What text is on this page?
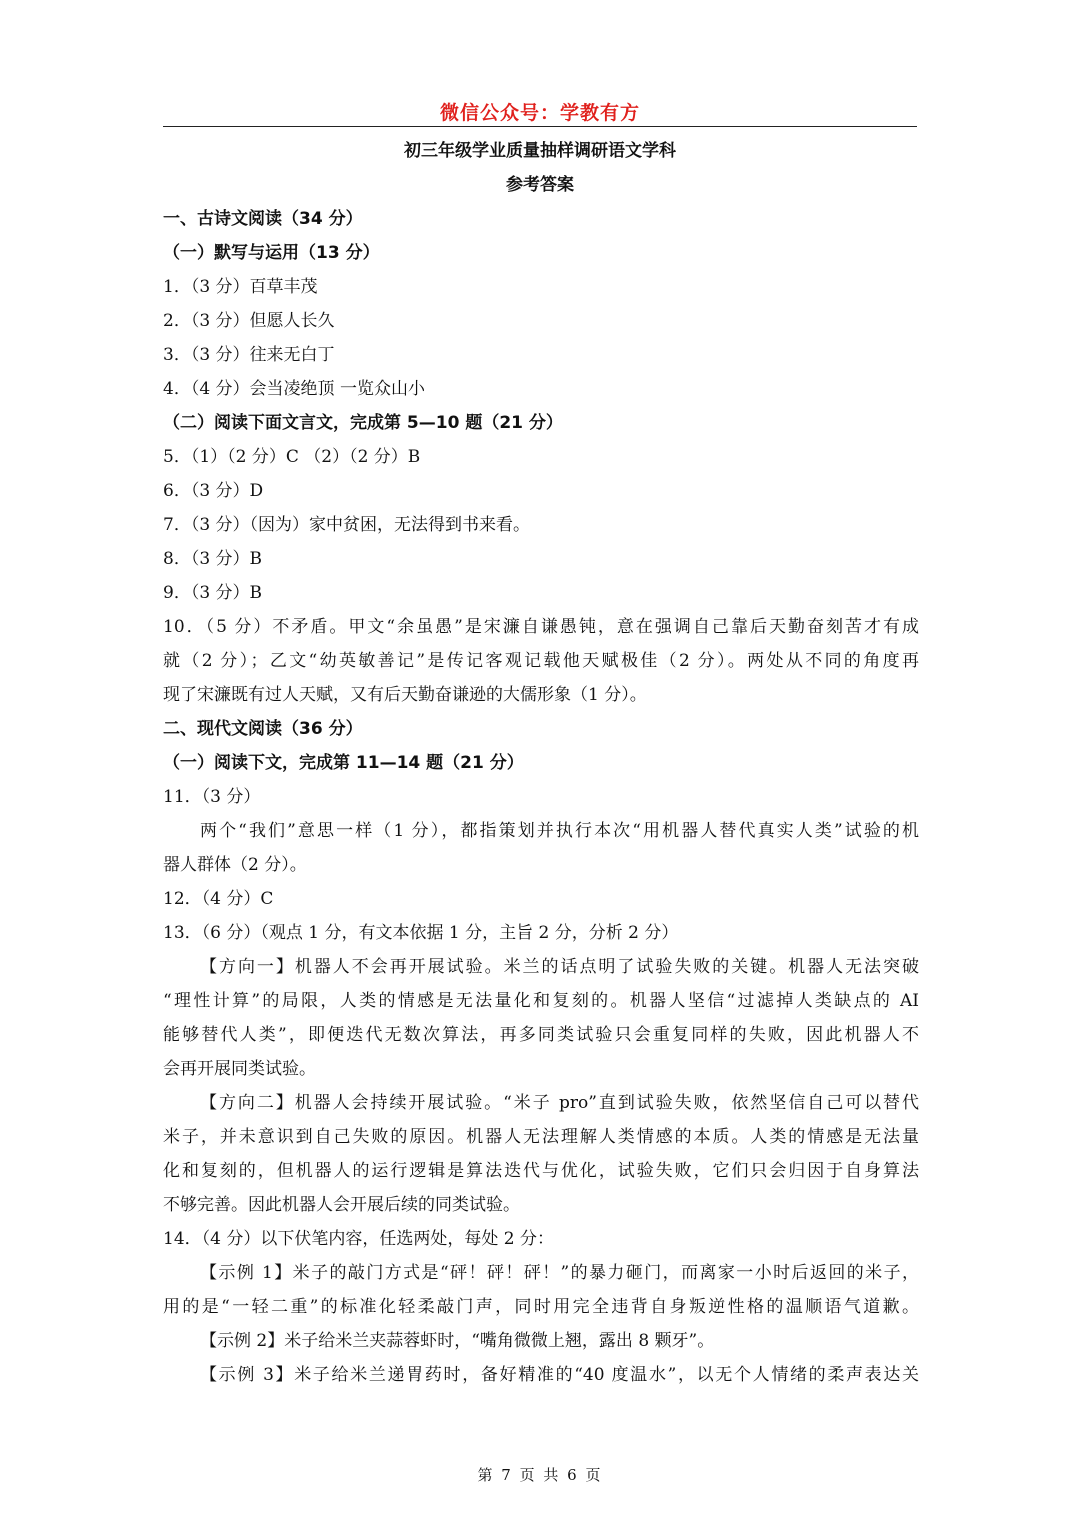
微信公众号：学教有方
初三年级学业质量抽样调研语文学科
参考答案
一、古诗文阅读（34 分）
（一）默写与运用（13 分）
1．（3 分）百草丰茂
2．（3 分）但愿人长久
3．（3 分）往来无白丁
4．（4 分）会当凌绝顶 一览众山小
（二）阅读下面文言文，完成第 5—10 题（21 分）
5．（1）（2 分）C （2）（2 分）B
6．（3 分）D
7．（3 分）（因为）家中贫困，无法得到书来看。
8．（3 分）B
9．（3 分）B
10．（5 分）不矛盾。甲文“余虽愚”是宋濂自谦愚钝，意在强调自己靠后天勤奋刻苦才有成
就（2 分）；乙文“幼英敏善记”是传记客观记载他天赋极佳（2 分）。两处从不同的角度再
现了宋濂既有过人天赋，又有后天勤奋谦逊的大儒形象（1 分）。
二、现代文阅读（36 分）
（一）阅读下文，完成第 11—14 题（21 分）
11．（3 分）
两个“我们”意思一样（1 分），都指策划并执行本次“用机器人替代真实人类”试验的机
器人群体（2 分）。
12．（4 分）C
13．（6 分）（观点 1 分，有文本依据 1 分，主旨 2 分，分析 2 分）
【方向一】机器人不会再开展试验。米兰的话点明了试验失败的关键。机器人无法突破
“理性计算”的局限，人类的情感是无法量化和复刻的。机器人坚信“过滤掉人类缺点的 AI
能够替代人类”，即便迭代无数次算法，再多同类试验只会重复同样的失败，因此机器人不
会再开展同类试验。
【方向二】机器人会持续开展试验。“米子 pro”直到试验失败，依然坚信自己可以替代
米子，并未意识到自己失败的原因。机器人无法理解人类情感的本质。人类的情感是无法量
化和复刻的，但机器人的运行逻辑是算法迭代与优化，试验失败，它们只会归因于自身算法
不够完善。因此机器人会开展后续的同类试验。
14．（4 分）以下伏笔内容，任选两处，每处 2 分：
【示例 1】米子的敲门方式是“砰！砰！砰！”的暴力砸门，而离家一小时后返回的米子，
用的是“一轻二重”的标准化轻柔敲门声，同时用完全违背自身叛逆性格的温顺语气道歉。
【示例 2】米子给米兰夹蒜蓉虾时，“嘴角微微上翘，露出 8 颗牙”。
【示例 3】米子给米兰递胃药时，备好精准的“40 度温水”，以无个人情绪的柔声表达关
第 7 页 共 6 页
